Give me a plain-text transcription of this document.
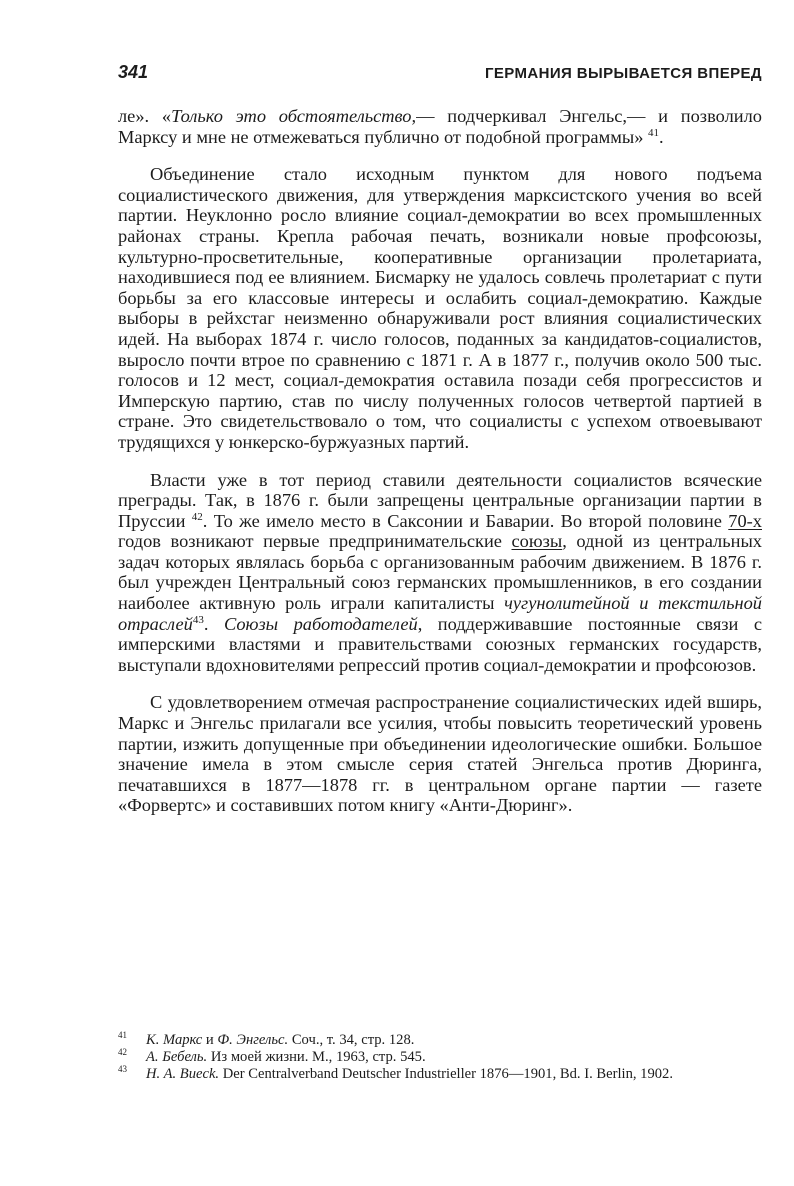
341	ГЕРМАНИЯ ВЫРЫВАЕТСЯ ВПЕРЕД

ле». «Только это обстоятельство,— подчеркивал Энгельс,— и позволило Марксу и мне не отмежеваться публично от подобной программы» $^{41}$.

Объединение стало исходным пунктом для нового подъема социалистического движения, для утверждения марксистского учения во всей партии. Неуклонно росло влияние социал-демократии во всех промышленных районах страны. Крепла рабочая печать, возникали новые профсоюзы, культурно-просветительные, кооперативные организации пролетариата, находившиеся под ее влиянием. Бисмарку не удалось совлечь пролетариат с пути борьбы за его классовые интересы и ослабить социал-демократию. Каждые выборы в рейхстаг неизменно обнаруживали рост влияния социалистических идей. На выборах 1874 г. число голосов, поданных за кандидатов-социалистов, выросло почти втрое по сравнению с 1871 г. А в 1877 г., получив около 500 тыс. голосов и 12 мест, социал-демократия оставила позади себя прогрессистов и Имперскую партию, став по числу полученных голосов четвертой партией в стране. Это свидетельствовало о том, что социалисты с успехом отвоевывают трудящихся у юнкерско-буржуазных партий.

Власти уже в тот период ставили деятельности социалистов всяческие преграды. Так, в 1876 г. были запрещены центральные организации партии в Пруссии $^{42}$. То же имело место в Саксонии и Баварии. Во второй половине 70-х годов возникают первые предпринимательские союзы, одной из центральных задач которых являлась борьба с организованным рабочим движением. В 1876 г. был учрежден Центральный союз германских промышленников, в его создании наиболее активную роль играли капиталисты чугунолитейной и текстильной отраслей$^{43}$. Союзы работодателей, поддерживавшие постоянные связи с имперскими властями и правительствами союзных германских государств, выступали вдохновителями репрессий против социал-демократии и профсоюзов.

С удовлетворением отмечая распространение социалистических идей вширь, Маркс и Энгельс прилагали все усилия, чтобы повысить теоретический уровень партии, изжить допущенные при объединении идеологические ошибки. Большое значение имела в этом смысле серия статей Энгельса против Дюринга, печатавшихся в 1877—1878 гг. в центральном органе партии — газете «Форвертс» и составивших потом книгу «Анти-Дюринг».

$^{41}$	К. Маркс и Ф. Энгельс. Соч., т. 34, стр. 128.
$^{42}$	А. Бебель. Из моей жизни. М., 1963, стр. 545.
$^{43}$	H. A. Bueck. Der Centralverband Deutscher Industrieller 1876—1901, Bd. I. Berlin, 1902.
